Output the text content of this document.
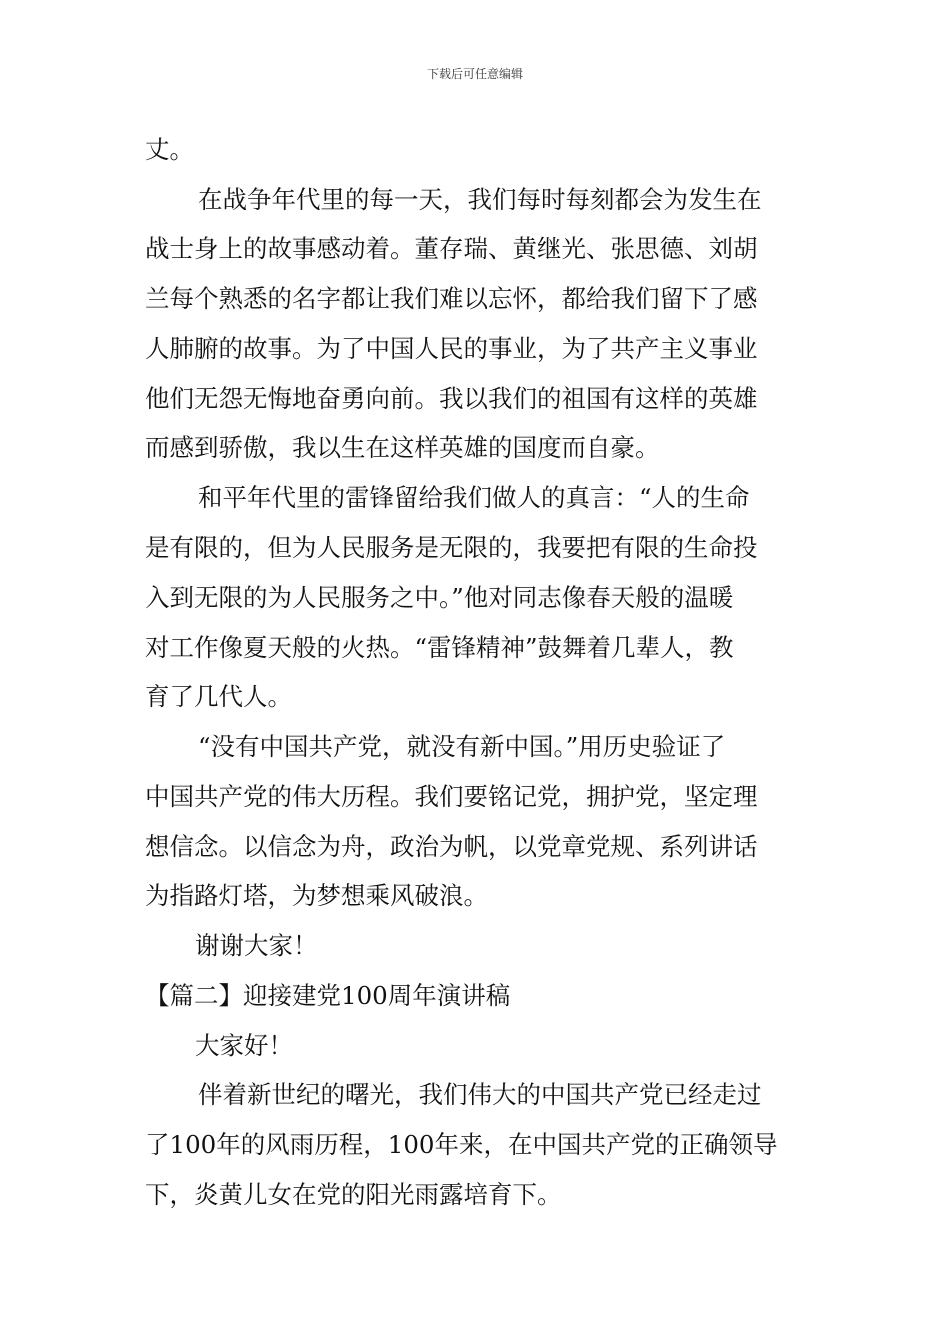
下载后可任意编辑
丈。
在战争年代里的每一天，我们每时每刻都会为发生在
战士身上的故事感动着。董存瑞、黄继光、张思德、刘胡
兰每个熟悉的名字都让我们难以忘怀，都给我们留下了感
人肺腑的故事。为了中国人民的事业，为了共产主义事业
他们无怨无悔地奋勇向前。我以我们的祖国有这样的英雄
而感到骄傲，我以生在这样英雄的国度而自豪。
和平年代里的雷锋留给我们做人的真言：“人的生命
是有限的，但为人民服务是无限的，我要把有限的生命投
入到无限的为人民服务之中。”他对同志像春天般的温暖
对工作像夏天般的火热。“雷锋精神”鼓舞着几辈人，教
育了几代人。
“没有中国共产党，就没有新中国。”用历史验证了
中国共产党的伟大历程。我们要铭记党，拥护党，坚定理
想信念。以信念为舟，政治为帆，以党章党规、系列讲话
为指路灯塔，为梦想乘风破浪。
谢谢大家！
【篇二】迎接建党100周年演讲稿
大家好！
伴着新世纪的曙光，我们伟大的中国共产党已经走过
了100年的风雨历程，100年来，在中国共产党的正确领导
下，炎黄儿女在党的阳光雨露培育下。
